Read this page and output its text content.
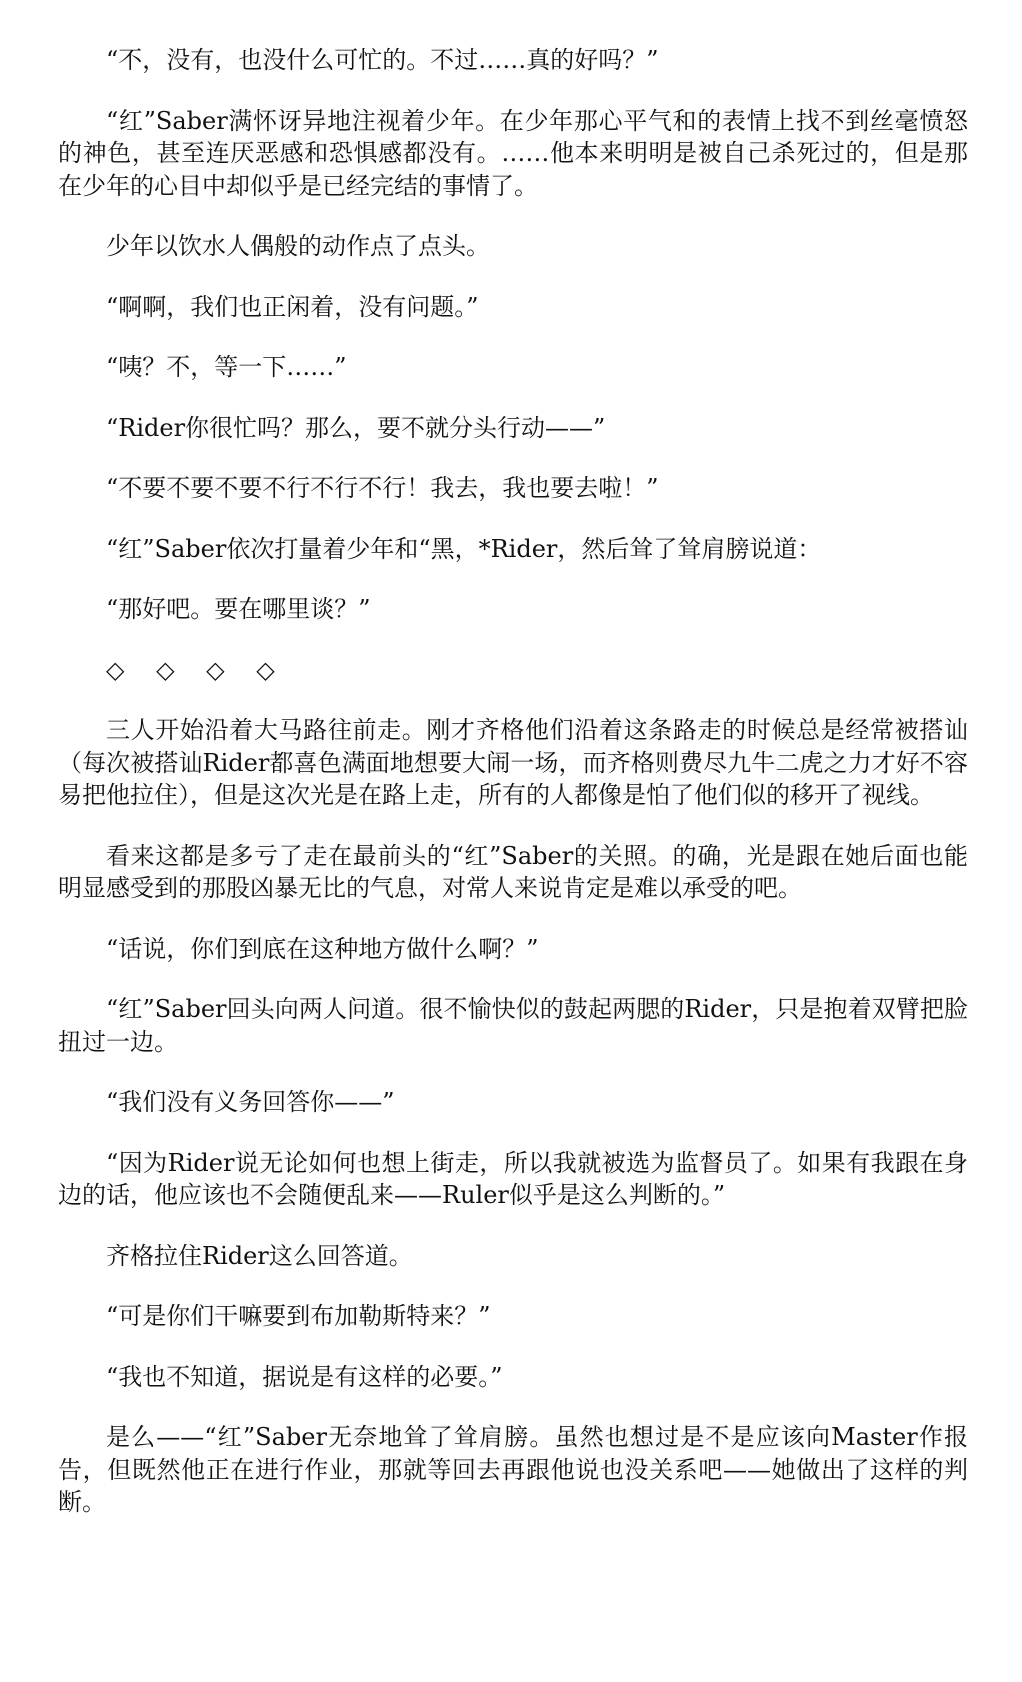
“不，没有，也没什么可忙的。不过……真的好吗？”

“红”Saber满怀讶异地注视着少年。在少年那心平气和的表情上找不到丝毫愤怒的神色，甚至连厌恶感和恐惧感都没有。……他本来明明是被自己杀死过的，但是那在少年的心目中却似乎是已经完结的事情了。

少年以饮水人偶般的动作点了点头。

“啊啊，我们也正闲着，没有问题。”

“咦？不，等一下……”

“Rider你很忙吗？那么，要不就分头行动——”

“不要不要不要不行不行不行！我去，我也要去啦！”

“红”Saber依次打量着少年和“黑，*Rider，然后耸了耸肩膀说道：

“那好吧。要在哪里谈？”

◇ ◇ ◇ ◇

三人开始沿着大马路往前走。刚才齐格他们沿着这条路走的时候总是经常被搭讪（每次被搭讪Rider都喜色满面地想要大闹一场，而齐格则费尽九牛二虎之力才好不容易把他拉住），但是这次光是在路上走，所有的人都像是怕了他们似的移开了视线。

看来这都是多亏了走在最前头的“红”Saber的关照。的确，光是跟在她后面也能明显感受到的那股凶暴无比的气息，对常人来说肯定是难以承受的吧。

“话说，你们到底在这种地方做什么啊？”

“红”Saber回头向两人问道。很不愉快似的鼓起两腮的Rider，只是抱着双臂把脸扭过一边。

“我们没有义务回答你——”

“因为Rider说无论如何也想上街走，所以我就被选为监督员了。如果有我跟在身边的话，他应该也不会随便乱来——Ruler似乎是这么判断的。”

齐格拉住Rider这么回答道。

“可是你们干嘛要到布加勒斯特来？”

“我也不知道，据说是有这样的必要。”

是么——“红”Saber无奈地耸了耸肩膀。虽然也想过是不是应该向Master作报告，但既然他正在进行作业，那就等回去再跟他说也没关系吧——她做出了这样的判断。
